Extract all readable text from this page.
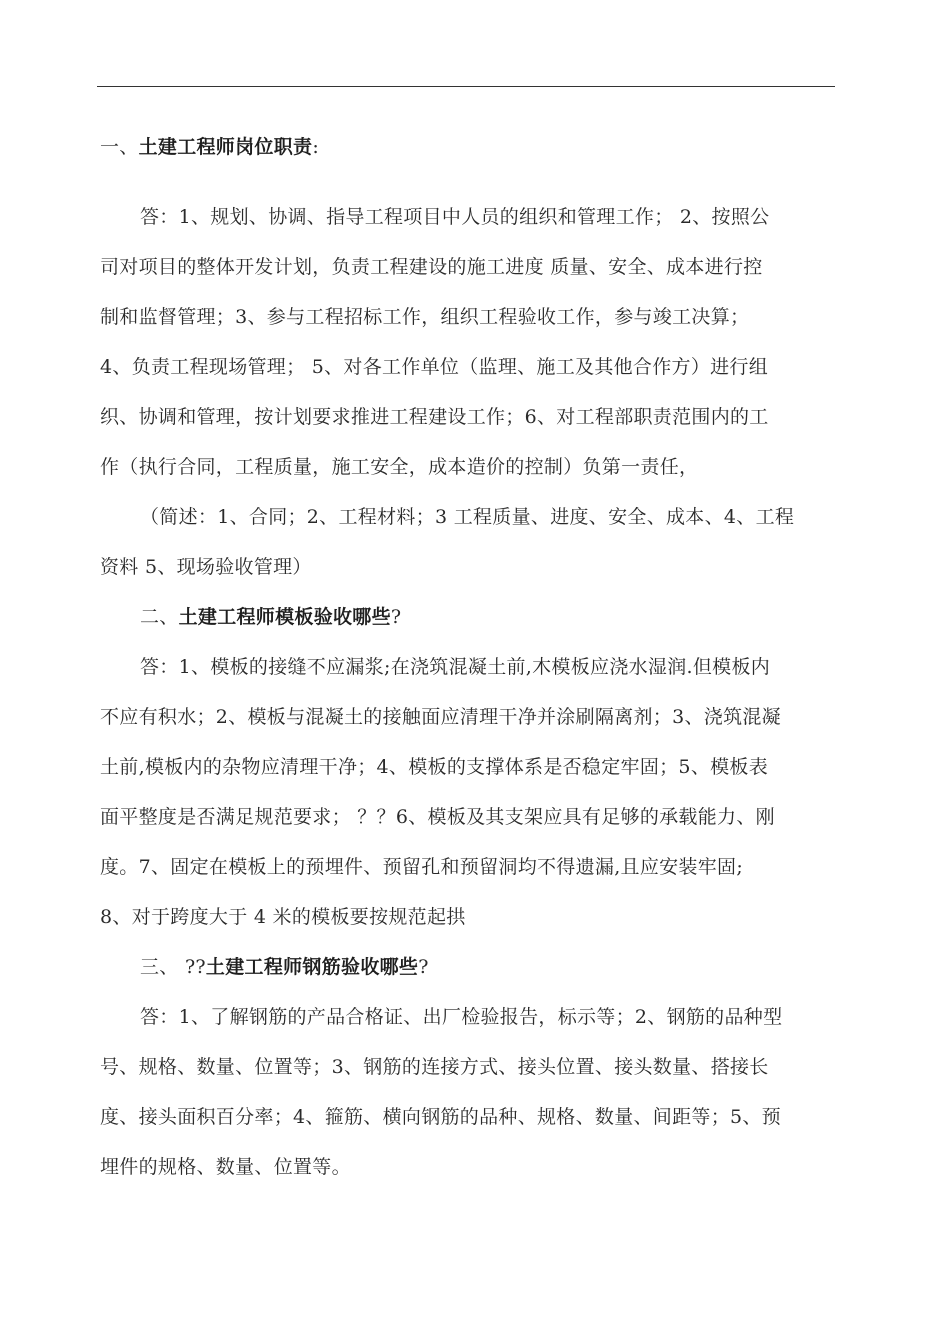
一、土建工程师岗位职责:
答：1、规划、协调、指导工程项目中人员的组织和管理工作； 2、按照公
司对项目的整体开发计划，负责工程建设的施工进度 质量、安全、成本进行控
制和监督管理；3、参与工程招标工作，组织工程验收工作，参与竣工决算；
4、负责工程现场管理； 5、对各工作单位（监理、施工及其他合作方）进行组
织、协调和管理，按计划要求推进工程建设工作；6、对工程部职责范围内的工
作（执行合同，工程质量，施工安全，成本造价的控制）负第一责任，
（简述：1、合同；2、工程材料；3 工程质量、进度、安全、成本、4、工程
资料 5、现场验收管理）
二、土建工程师模板验收哪些?
答：1、模板的接缝不应漏浆;在浇筑混凝土前,木模板应浇水湿润.但模板内
不应有积水；2、模板与混凝土的接触面应清理干净并涂刷隔离剂；3、浇筑混凝
土前,模板内的杂物应清理干净；4、模板的支撑体系是否稳定牢固；5、模板表
面平整度是否满足规范要求； ？？6、模板及其支架应具有足够的承载能力、刚
度。7、固定在模板上的预埋件、预留孔和预留洞均不得遗漏,且应安装牢固;
8、对于跨度大于 4 米的模板要按规范起拱
三、 ??土建工程师钢筋验收哪些?
答：1、了解钢筋的产品合格证、出厂检验报告，标示等；2、钢筋的品种型
号、规格、数量、位置等；3、钢筋的连接方式、接头位置、接头数量、搭接长
度、接头面积百分率；4、箍筋、横向钢筋的品种、规格、数量、间距等；5、预
埋件的规格、数量、位置等。
